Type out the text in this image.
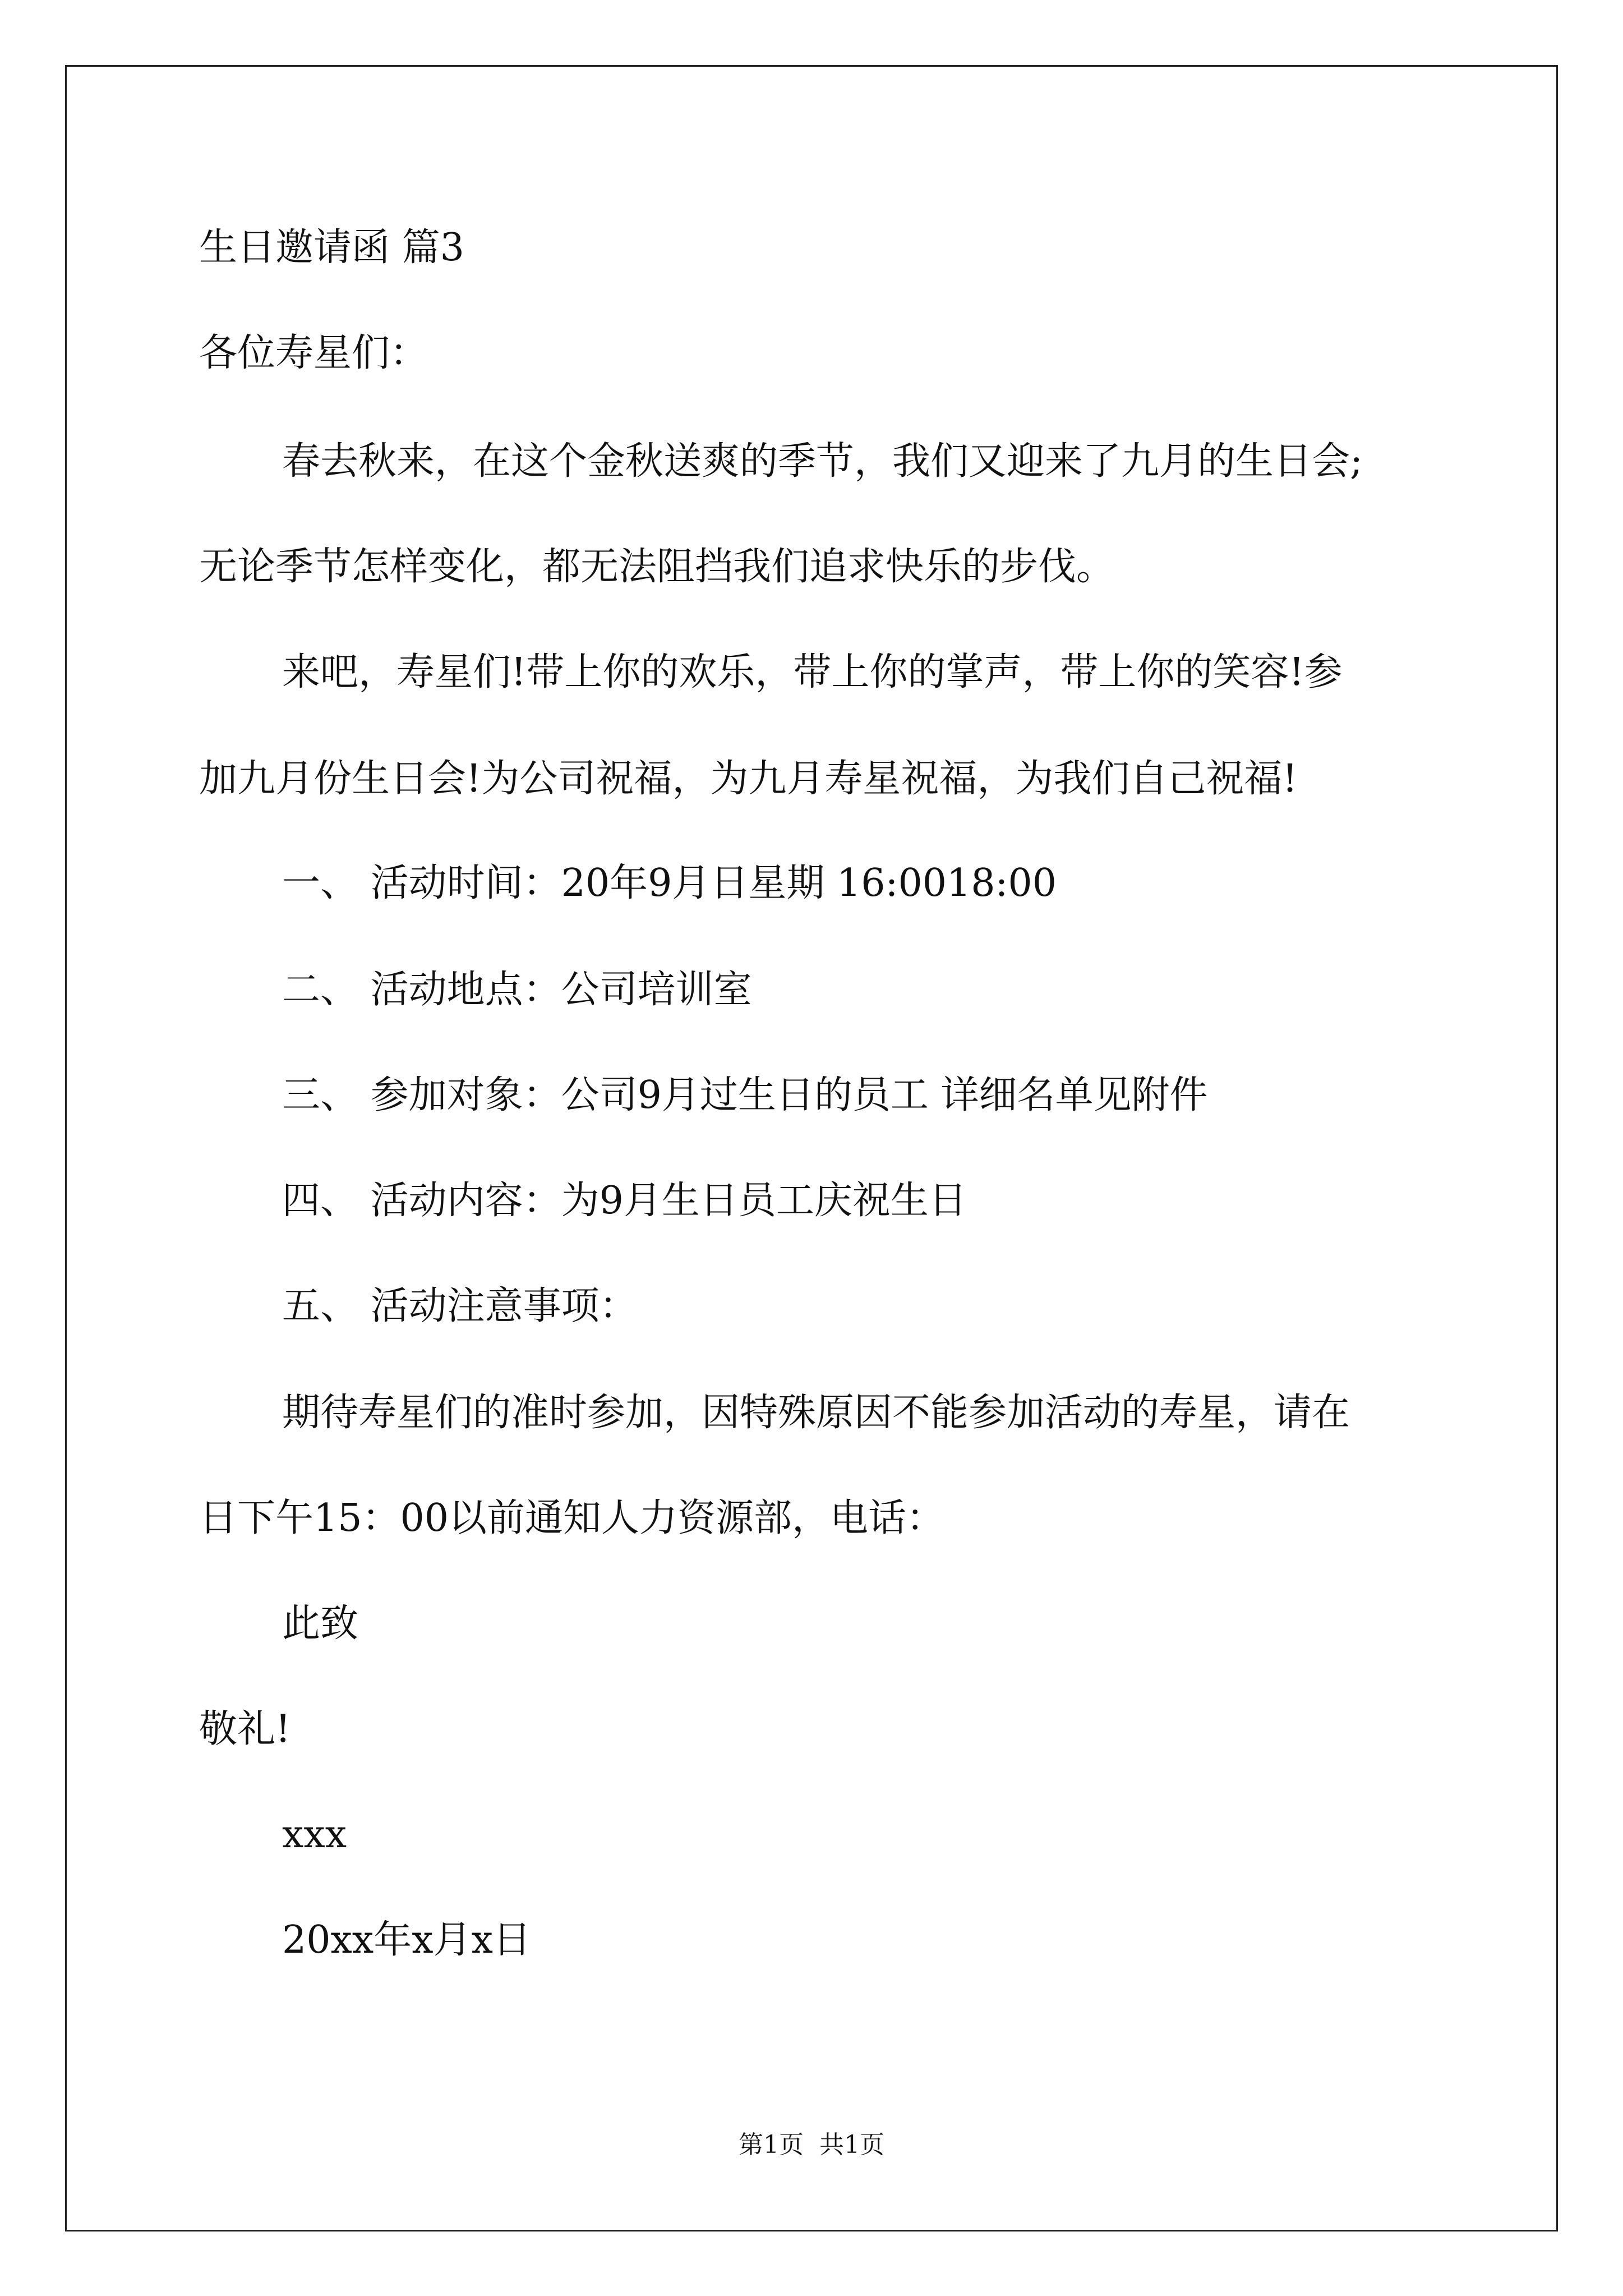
生日邀请函 篇3

各位寿星们：

春去秋来，在这个金秋送爽的季节，我们又迎来了九月的生日会;

无论季节怎样变化，都无法阻挡我们追求快乐的步伐。

来吧，寿星们!带上你的欢乐，带上你的掌声，带上你的笑容!参

加九月份生日会!为公司祝福，为九月寿星祝福，为我们自己祝福!

一、 活动时间：20年9月日星期 16:0018:00

二、 活动地点：公司培训室

三、 参加对象：公司9月过生日的员工 详细名单见附件

四、 活动内容：为9月生日员工庆祝生日

五、 活动注意事项：

期待寿星们的准时参加，因特殊原因不能参加活动的寿星，请在

日下午15：00以前通知人力资源部，电话：

此致

敬礼!

xxx

20xx年x月x日

第1页  共1页
